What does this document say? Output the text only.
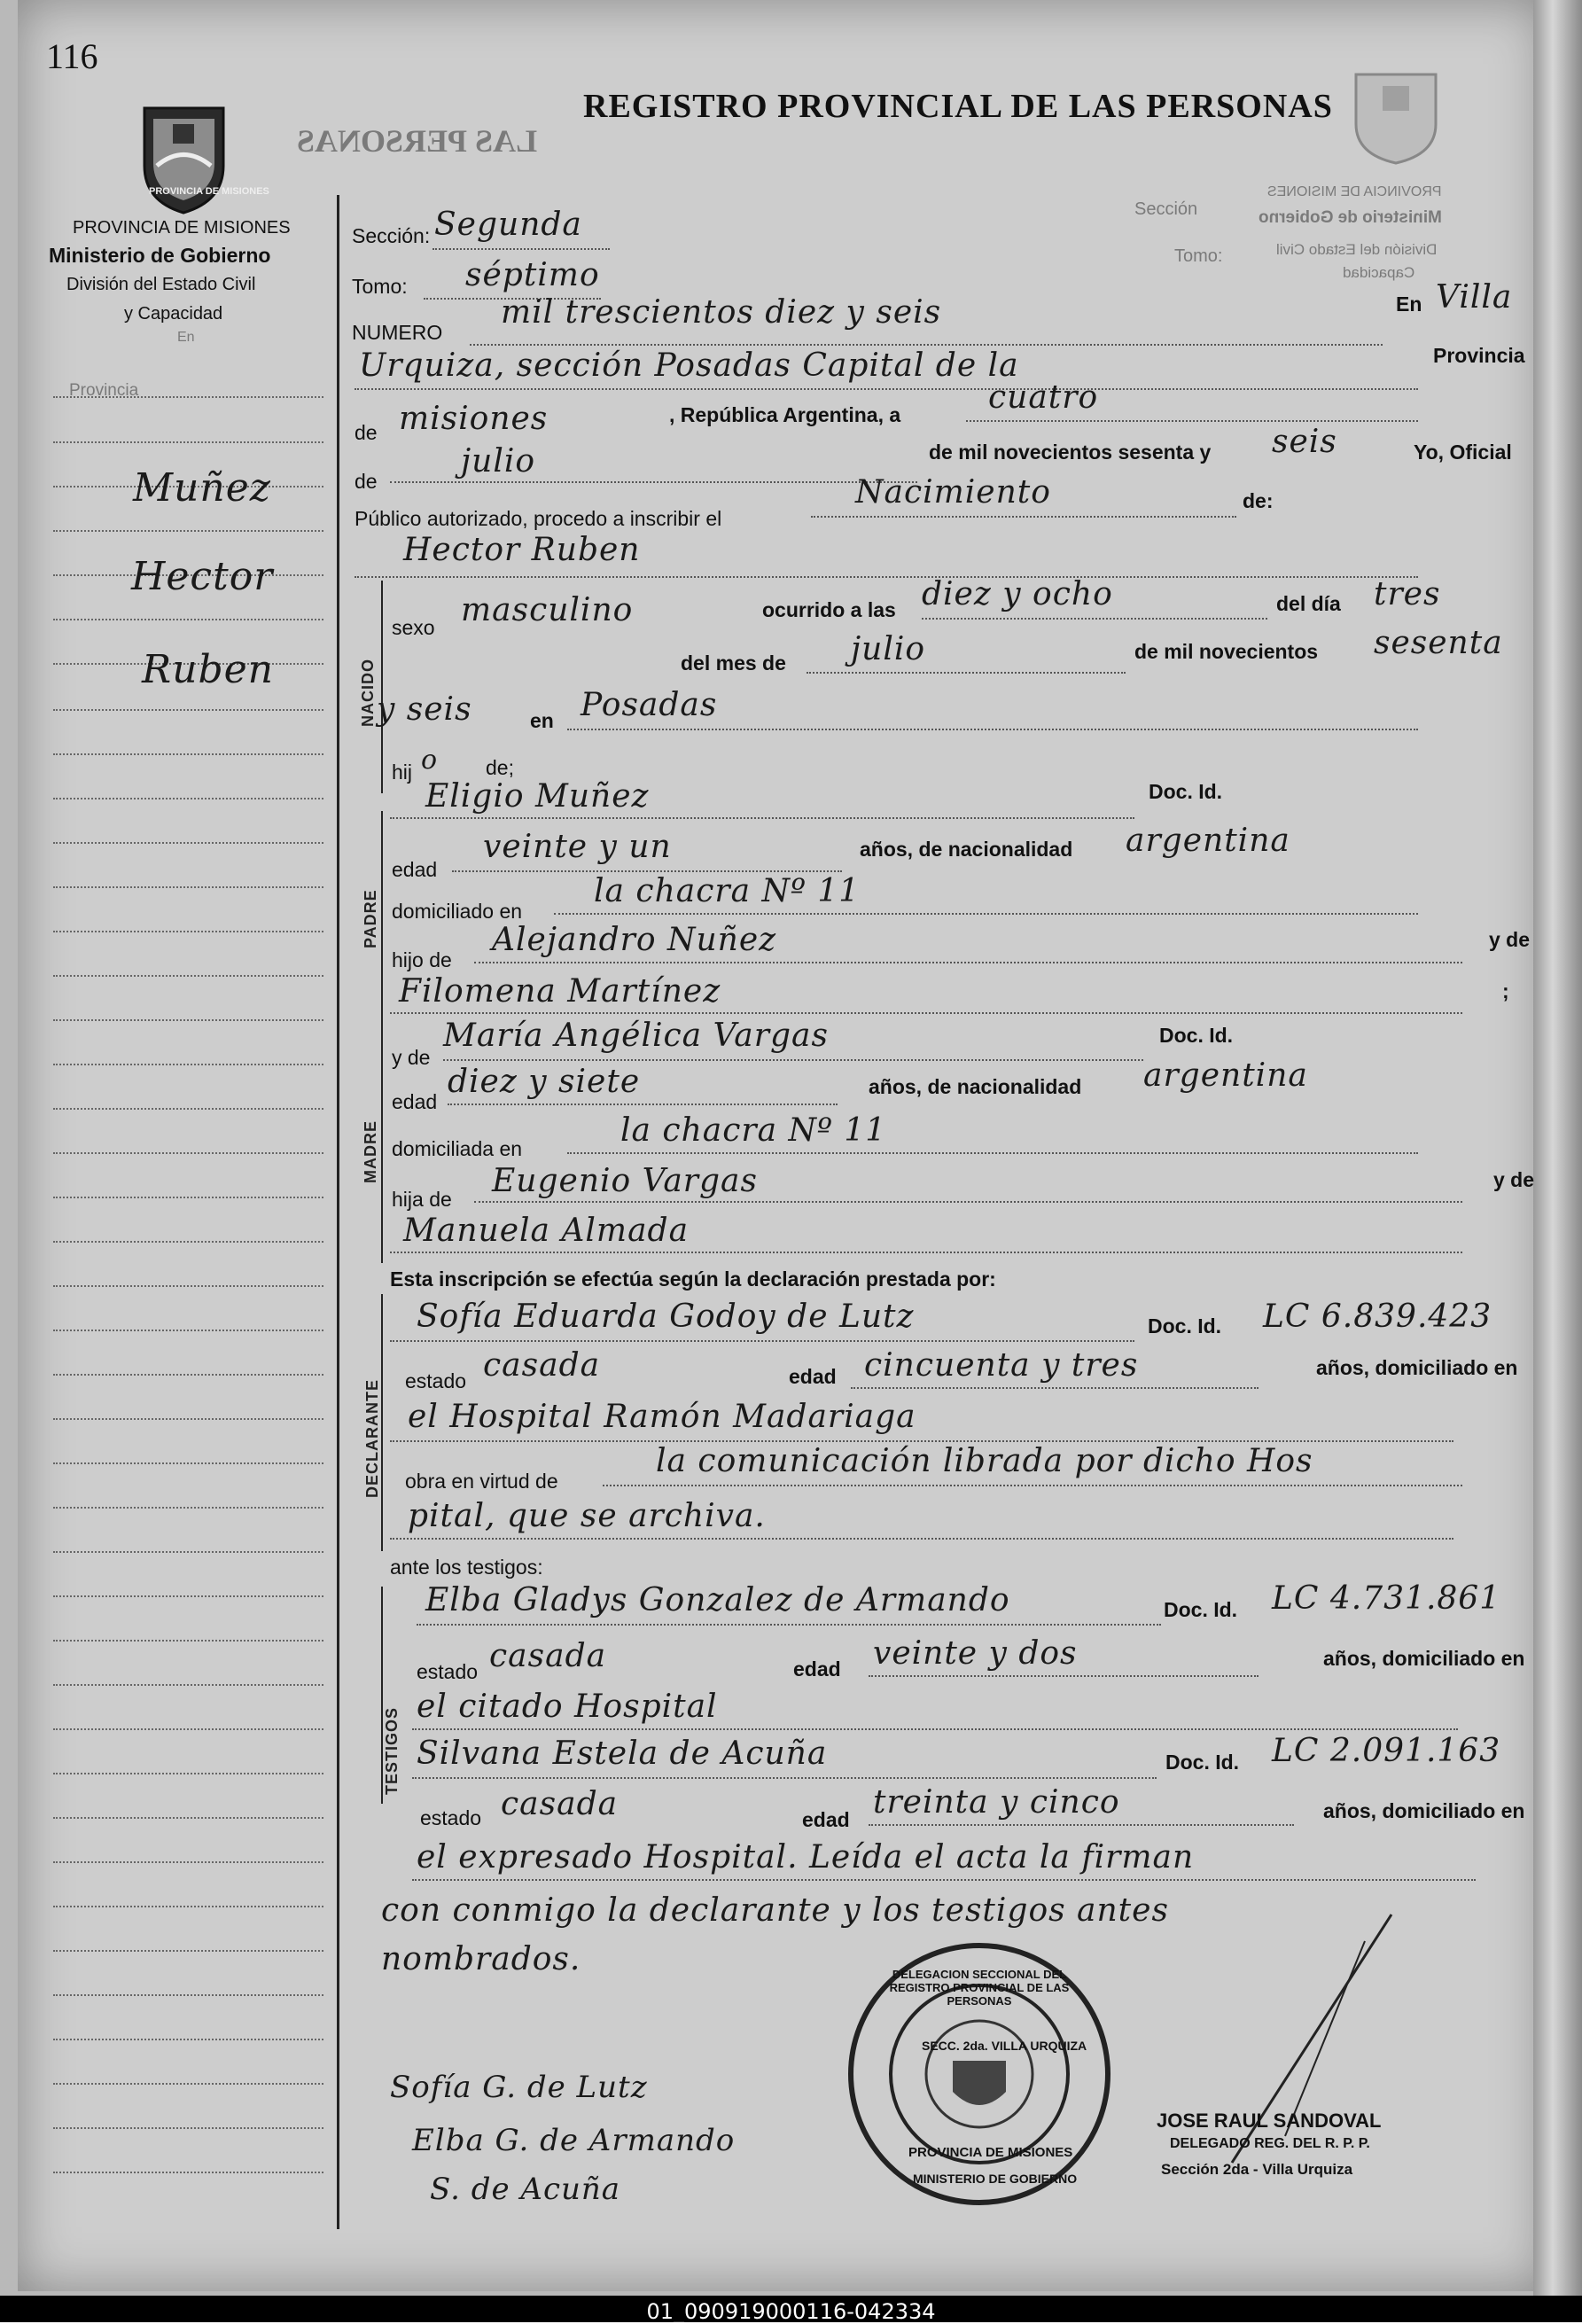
116
PROVINCIA DE MISIONES
LAS PERSONAS
REGISTRO PROVINCIAL DE LAS PERSONAS
PROVINCIA DE MISIONES
Ministerio de Gobierno
División del Estado Civil
y Capacidad
En
Provincia
Muñez
Hector
Ruben
Sección
Tomo:
PROVINCIA DE MISIONES
Ministerio de Gobierno
División del Estado Civil
Capacidad
Sección: Segunda
Tomo: séptimo
NUMERO
mil trescientos diez y seis	En Villa
Urquiza, sección Posadas Capital de la	Provincia
de misiones	, República Argentina, a	cuatro
de
julio	de mil novecientos sesenta y seis	Yo, Oficial
Público autorizado, procedo a inscribir el
Nacimiento	de:
Hector Ruben
NACIDO
sexo masculino	ocurrido a las diez y ocho	del día tres
del mes de julio	de mil novecientos sesenta
y seis	en Posadas
hij o de;
Eligio Muñez	Doc. Id.
PADRE
edad
veinte y un	años, de nacionalidad argentina
domiciliado en
la chacra Nº 11
hijo de
Alejandro Nuñez	y de
Filomena Martínez	;
MADRE
y de
María Angélica Vargas	Doc. Id.
edad
diez y siete	años, de nacionalidad argentina
domiciliada en	la chacra Nº 11
hija de Eugenio Vargas	y de
Manuela Almada
Esta inscripción se efectúa según la declaración prestada por:
DECLARANTE
Sofía Eduarda Godoy de Lutz	Doc. Id. LC 6.839.423
estado casada	edad cincuenta y tres	años, domiciliado en
el Hospital Ramón Madariaga
obra en virtud de
la comunicación librada por dicho Hos
pital, que se archiva.
ante los testigos:
TESTIGOS
Elba Gladys Gonzalez de Armando	Doc. Id. LC 4.731.861
estado casada	edad veinte y dos	años, domiciliado en
el citado Hospital
Silvana Estela de Acuña	Doc. Id. LC 2.091.163
estado casada	edad treinta y cinco	años, domiciliado en
el expresado Hospital. Leída el acta la firman
con conmigo la declarante y los testigos antes
nombrados.	DELEGACION SECCIONAL DEL REGISTRO PROVINCIAL DE LAS PERSONAS
SECC. 2da. VILLA URQUIZA
PROVINCIA DE MISIONES
MINISTERIO DE GOBIERNO
Sofía G. de Lutz
Elba G. de Armando
S. de Acuña
JOSE RAUL SANDOVAL
DELEGADO REG. DEL R. P. P.
Sección 2da - Villa Urquiza
01_090919000116-042334
